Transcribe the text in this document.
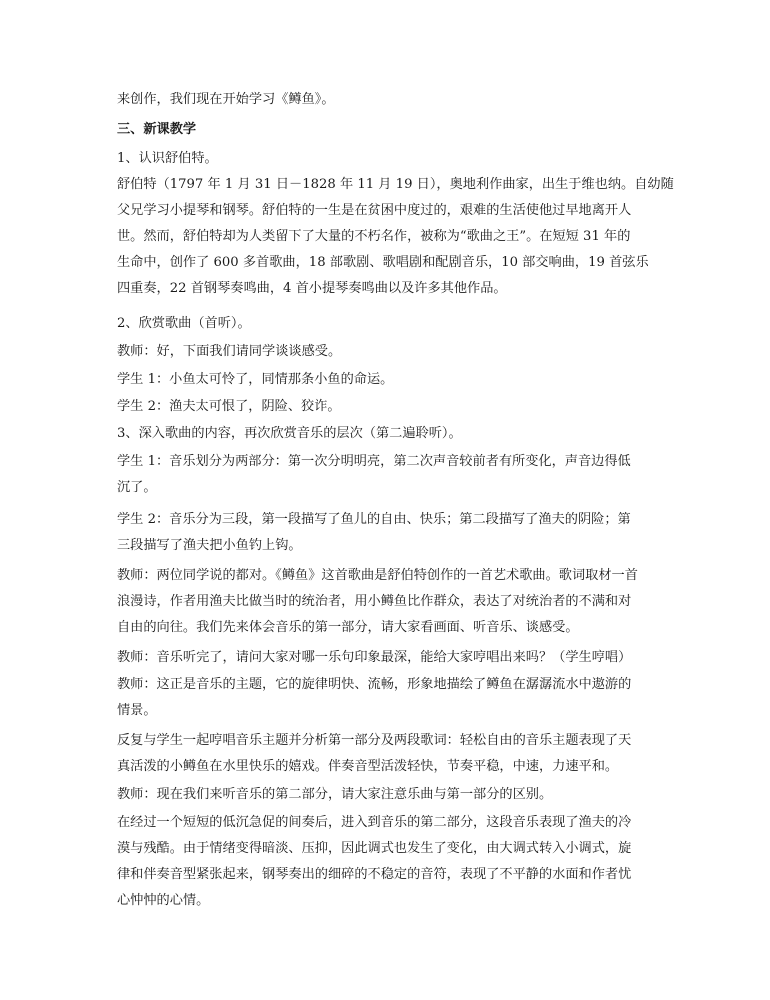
来创作，我们现在开始学习《鳟鱼》。

三、新课教学

1、认识舒伯特。

舒伯特（1797 年 1 月 31 日－1828 年 11 月 19 日），奥地利作曲家，出生于维也纳。自幼随
父兄学习小提琴和钢琴。舒伯特的一生是在贫困中度过的，艰难的生活使他过早地离开人
世。然而，舒伯特却为人类留下了大量的不朽名作，被称为“歌曲之王”。在短短 31 年的
生命中，创作了 600 多首歌曲，18 部歌剧、歌唱剧和配剧音乐，10 部交响曲，19 首弦乐
四重奏，22 首钢琴奏鸣曲，4 首小提琴奏鸣曲以及许多其他作品。

2、欣赏歌曲（首听）。

教师：好，下面我们请同学谈谈感受。

学生 1：小鱼太可怜了，同情那条小鱼的命运。

学生 2：渔夫太可恨了，阴险、狡诈。

3、深入歌曲的内容，再次欣赏音乐的层次（第二遍聆听）。

学生 1：音乐划分为两部分：第一次分明明亮，第二次声音较前者有所变化，声音边得低
沉了。

学生 2：音乐分为三段，第一段描写了鱼儿的自由、快乐；第二段描写了渔夫的阴险；第
三段描写了渔夫把小鱼钓上钩。

教师：两位同学说的都对。《鳟鱼》这首歌曲是舒伯特创作的一首艺术歌曲。歌词取材一首
浪漫诗，作者用渔夫比做当时的统治者，用小鳟鱼比作群众，表达了对统治者的不满和对
自由的向往。我们先来体会音乐的第一部分，请大家看画面、听音乐、谈感受。

教师：音乐听完了，请问大家对哪一乐句印象最深，能给大家哼唱出来吗？（学生哼唱）

教师：这正是音乐的主题，它的旋律明快、流畅，形象地描绘了鳟鱼在潺潺流水中遨游的
情景。

反复与学生一起哼唱音乐主题并分析第一部分及两段歌词：轻松自由的音乐主题表现了天
真活泼的小鳟鱼在水里快乐的嬉戏。伴奏音型活泼轻快，节奏平稳，中速，力速平和。

教师：现在我们来听音乐的第二部分，请大家注意乐曲与第一部分的区别。

在经过一个短短的低沉急促的间奏后，进入到音乐的第二部分，这段音乐表现了渔夫的冷
漠与残酷。由于情绪变得暗淡、压抑，因此调式也发生了变化，由大调式转入小调式，旋
律和伴奏音型紧张起来，钢琴奏出的细碎的不稳定的音符，表现了不平静的水面和作者忧
心忡忡的心情。
